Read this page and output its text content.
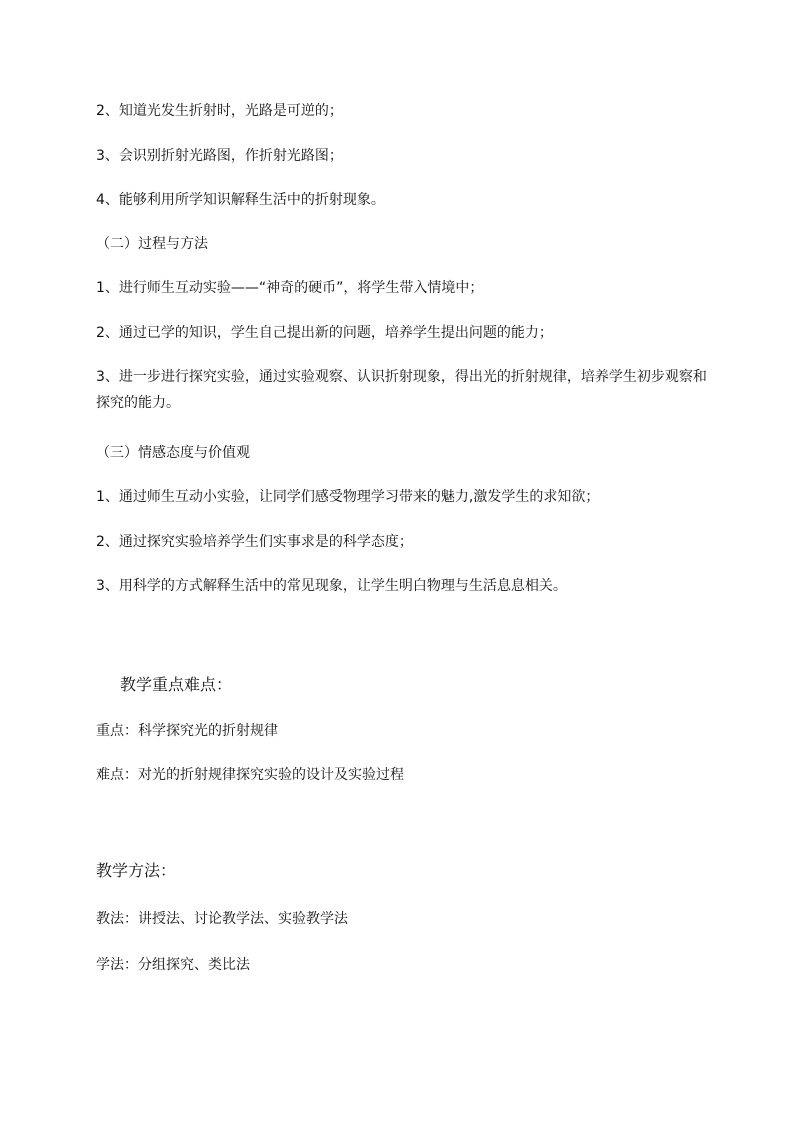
2、知道光发生折射时，光路是可逆的；
3、会识别折射光路图，作折射光路图；
4、能够利用所学知识解释生活中的折射现象。
（二）过程与方法
1、进行师生互动实验——“神奇的硬币”，将学生带入情境中；
2、通过已学的知识，学生自己提出新的问题，培养学生提出问题的能力；
3、进一步进行探究实验，通过实验观察、认识折射现象，得出光的折射规律，培养学生初步观察和探究的能力。
（三）情感态度与价值观
1、通过师生互动小实验，让同学们感受物理学习带来的魅力,激发学生的求知欲；
2、通过探究实验培养学生们实事求是的科学态度；
3、用科学的方式解释生活中的常见现象，让学生明白物理与生活息息相关。
教学重点难点：
重点：科学探究光的折射规律
难点：对光的折射规律探究实验的设计及实验过程
教学方法：
教法：讲授法、讨论教学法、实验教学法
学法：分组探究、类比法
